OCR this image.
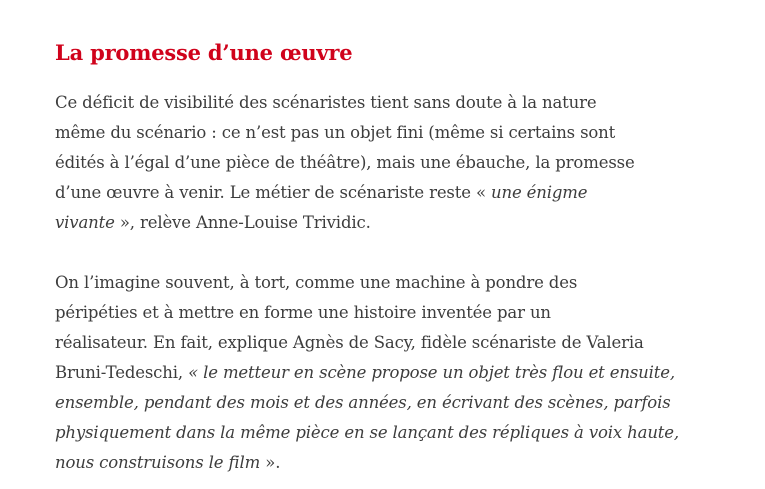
La promesse d’une œuvre

Ce déficit de visibilité des scénaristes tient sans doute à la nature
même du scénario : ce n’est pas un objet fini (même si certains sont
édités à l’égal d’une pièce de théâtre), mais une ébauche, la promesse
d’une œuvre à venir. Le métier de scénariste reste « une énigme
vivante », relève Anne-Louise Trividic.

On l’imagine souvent, à tort, comme une machine à pondre des
péripéties et à mettre en forme une histoire inventée par un
réalisateur. En fait, explique Agnès de Sacy, fidèle scénariste de Valeria
Bruni-Tedeschi, « le metteur en scène propose un objet très flou et ensuite,
ensemble, pendant des mois et des années, en écrivant des scènes, parfois
physiquement dans la même pièce en se lançant des répliques à voix haute,
nous construisons le film ».
